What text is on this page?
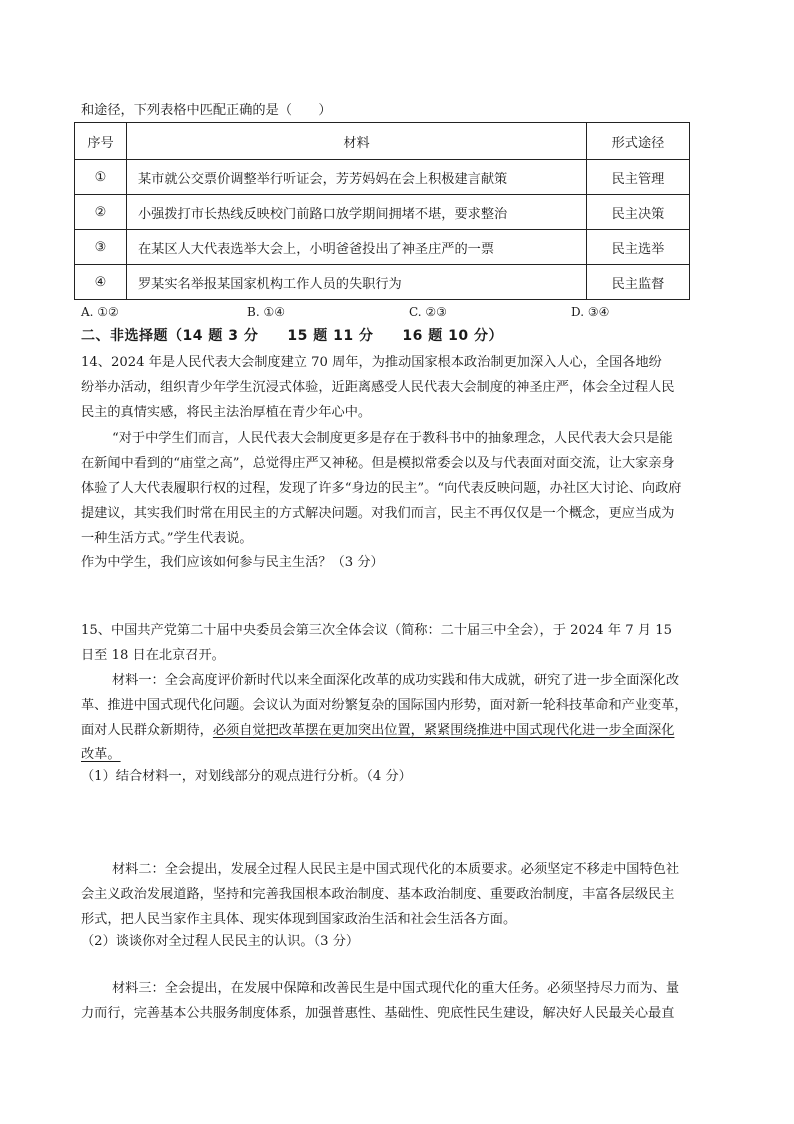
和途径，下列表格中匹配正确的是（　　）
序号	材料	形式途径
①	某市就公交票价调整举行听证会，芳芳妈妈在会上积极建言献策	民主管理
②	小强拨打市长热线反映校门前路口放学期间拥堵不堪，要求整治	民主决策
③	在某区人大代表选举大会上，小明爸爸投出了神圣庄严的一票	民主选举
④	罗某实名举报某国家机构工作人员的失职行为	民主监督
A. ①②	B. ①④	C. ②③	D. ③④
二、非选择题（14 题 3 分　　15 题 11 分　　16 题 10 分）
14、2024 年是人民代表大会制度建立 70 周年，为推动国家根本政治制更加深入人心，全国各地纷
纷举办活动，组织青少年学生沉浸式体验，近距离感受人民代表大会制度的神圣庄严，体会全过程人民
民主的真情实感，将民主法治厚植在青少年心中。
“对于中学生们而言，人民代表大会制度更多是存在于教科书中的抽象理念，人民代表大会只是能
在新闻中看到的“庙堂之高”，总觉得庄严又神秘。但是模拟常委会以及与代表面对面交流，让大家亲身
体验了人大代表履职行权的过程，发现了许多“身边的民主”。“向代表反映问题，办社区大讨论、向政府
提建议，其实我们时常在用民主的方式解决问题。对我们而言，民主不再仅仅是一个概念，更应当成为
一种生活方式。”学生代表说。
作为中学生，我们应该如何参与民主生活？（3 分）
15、中国共产党第二十届中央委员会第三次全体会议（简称：二十届三中全会），于 2024 年 7 月 15
日至 18 日在北京召开。
材料一：全会高度评价新时代以来全面深化改革的成功实践和伟大成就，研究了进一步全面深化改
革、推进中国式现代化问题。会议认为面对纷繁复杂的国际国内形势，面对新一轮科技革命和产业变革，
面对人民群众新期待，必须自觉把改革摆在更加突出位置，紧紧围绕推进中国式现代化进一步全面深化
改革。
（1）结合材料一，对划线部分的观点进行分析。（4 分）
材料二：全会提出，发展全过程人民民主是中国式现代化的本质要求。必须坚定不移走中国特色社
会主义政治发展道路，坚持和完善我国根本政治制度、基本政治制度、重要政治制度，丰富各层级民主
形式，把人民当家作主具体、现实体现到国家政治生活和社会生活各方面。
（2）谈谈你对全过程人民民主的认识。（3 分）
材料三：全会提出，在发展中保障和改善民生是中国式现代化的重大任务。必须坚持尽力而为、量
力而行，完善基本公共服务制度体系，加强普惠性、基础性、兜底性民生建设，解决好人民最关心最直
